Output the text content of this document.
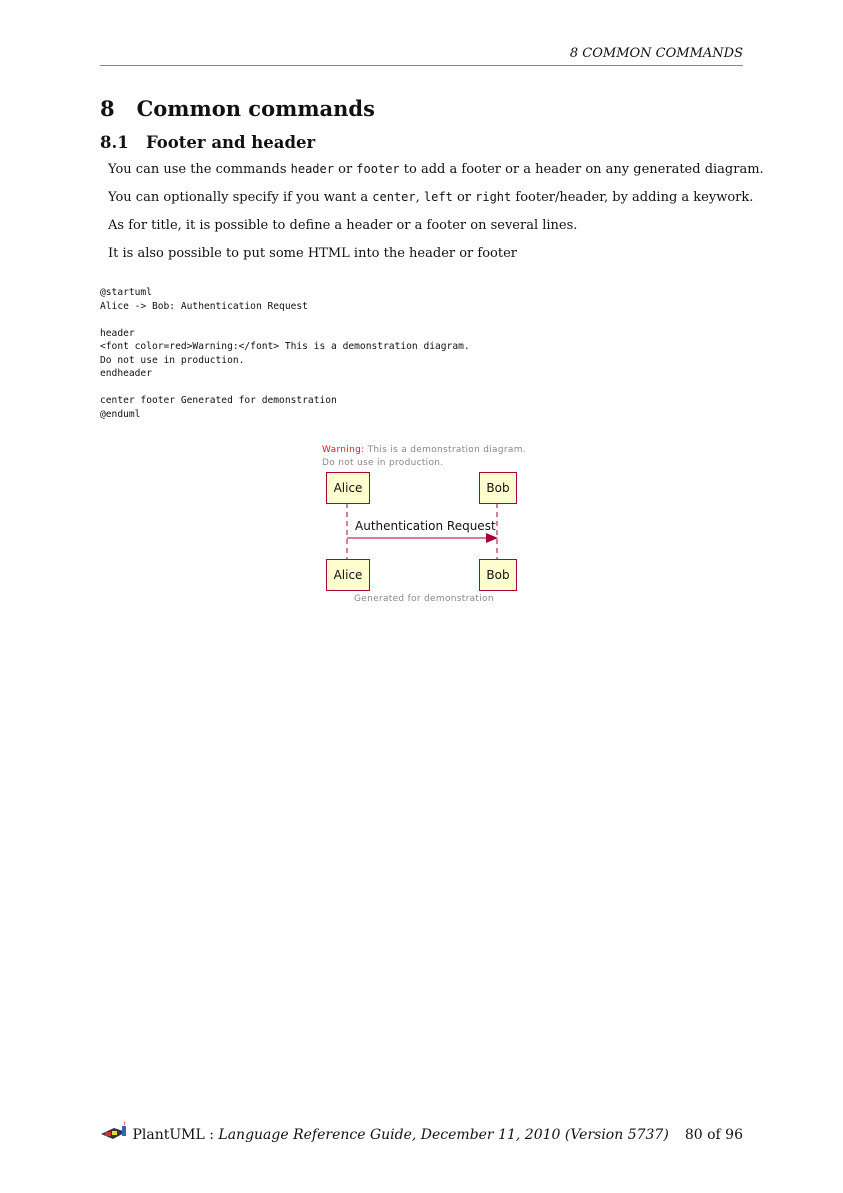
8 COMMON COMMANDS
8 Common commands
8.1 Footer and header
You can use the commands header or footer to add a footer or a header on any generated diagram.
You can optionally specify if you want a center, left or right footer/header, by adding a keywork.
As for title, it is possible to define a header or a footer on several lines.
It is also possible to put some HTML into the header or footer
@startuml
Alice -> Bob: Authentication Request

header
<font color=red>Warning:</font> This is a demonstration diagram.
Do not use in production.
endheader

center footer Generated for demonstration
@enduml
Warning: This is a demonstration diagram.
Do not use in production.
Alice	Bob
Authentication Request
Alice	Bob
Generated for demonstration
PlantUML : Language Reference Guide, December 11, 2010 (Version 5737) 80 of 96
